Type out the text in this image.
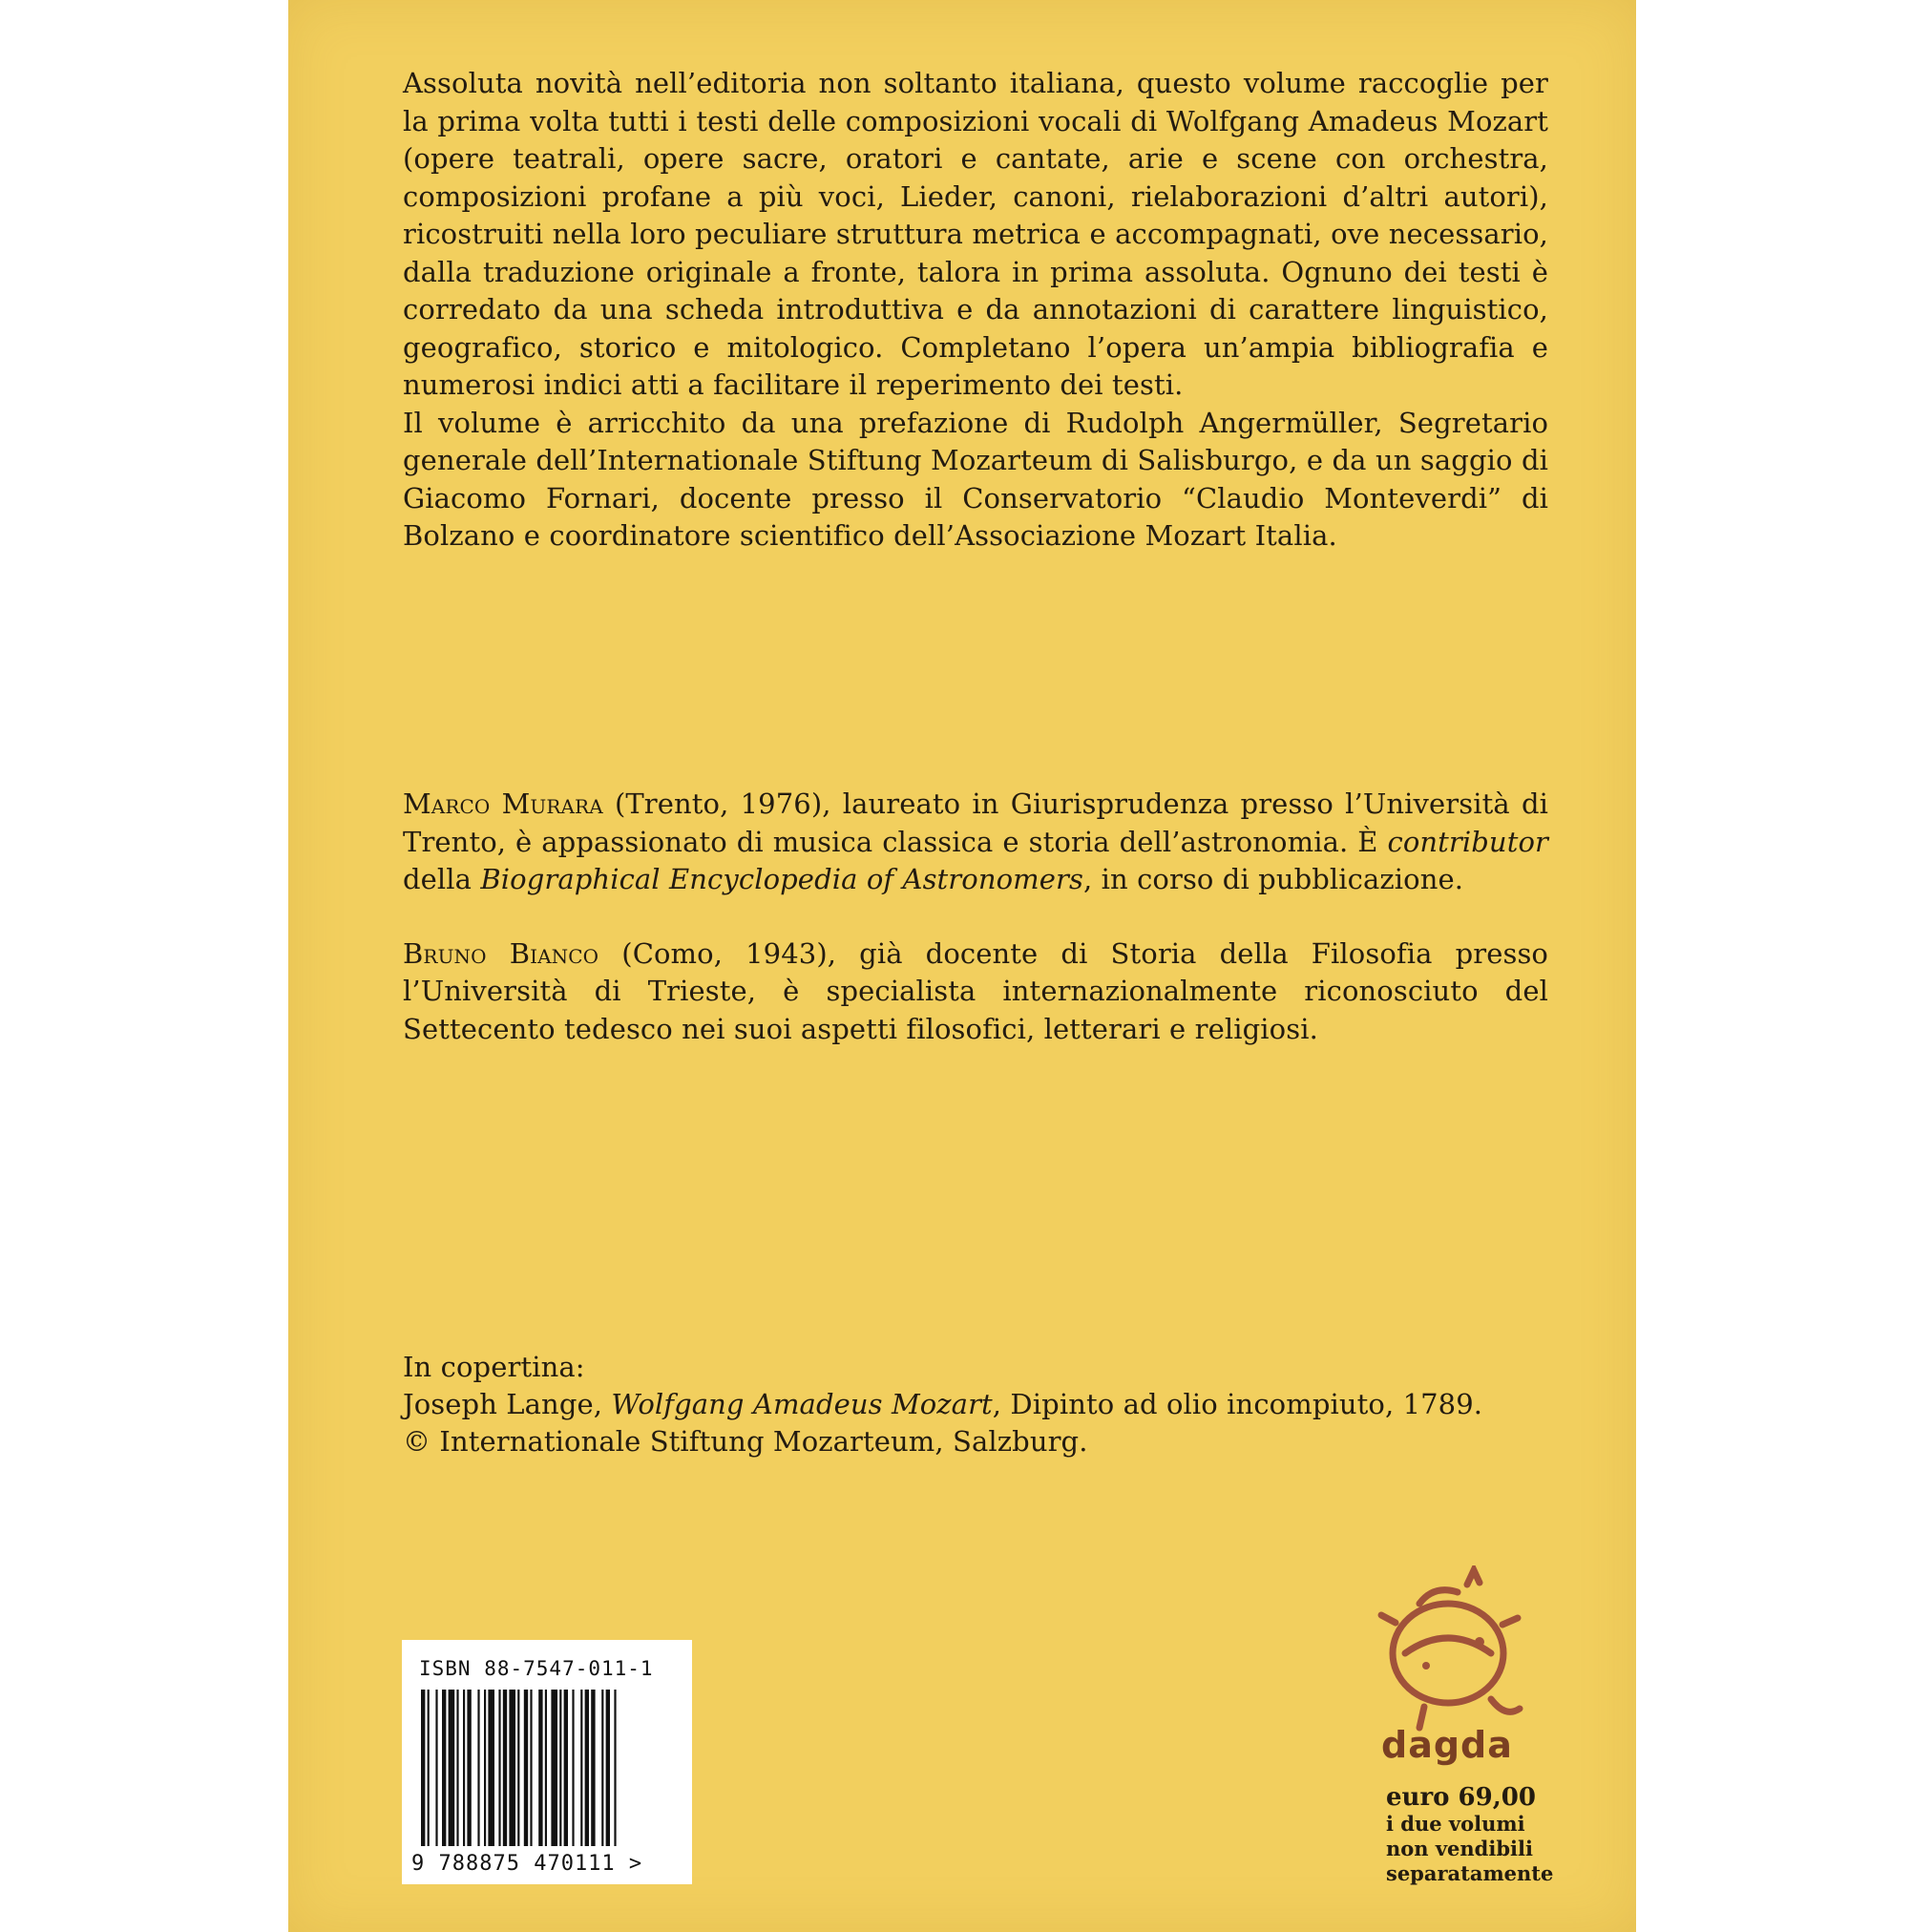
Assoluta novità nell’editoria non soltanto italiana, questo volume raccoglie per la prima volta tutti i testi delle composizioni vocali di Wolfgang Amadeus Mozart (opere teatrali, opere sacre, oratori e cantate, arie e scene con orchestra, composizioni profane a più voci, Lieder, canoni, rielaborazioni d’altri autori), ricostruiti nella loro peculiare struttura metrica e accompagnati, ove necessario, dalla traduzione originale a fronte, talora in prima assoluta. Ognuno dei testi è corredato da una scheda introduttiva e da annotazioni di carattere linguistico, geografico, storico e mitologico. Completano l’opera un’ampia bibliografia e numerosi indici atti a facilitare il reperimento dei testi.

Il volume è arricchito da una prefazione di Rudolph Angermüller, Segretario generale dell’Internationale Stiftung Mozarteum di Salisburgo, e da un saggio di Giacomo Fornari, docente presso il Conservatorio “Claudio Monteverdi” di Bolzano e coordinatore scientifico dell’Associazione Mozart Italia.

Marco Murara (Trento, 1976), laureato in Giurisprudenza presso l’Università di Trento, è appassionato di musica classica e storia dell’astronomia. È contributor della Biographical Encyclopedia of Astronomers, in corso di pubblicazione.

Bruno Bianco (Como, 1943), già docente di Storia della Filosofia presso l’Università di Trieste, è specialista internazionalmente riconosciuto del Settecento tedesco nei suoi aspetti filosofici, letterari e religiosi.

In copertina:
Joseph Lange, Wolfgang Amadeus Mozart, Dipinto ad olio incompiuto, 1789.
© Internationale Stiftung Mozarteum, Salzburg.
ISBN 88-7547-011-1
9 788875 470111 >
dagda
euro 69,00
i due volumi
non vendibili
separatamente
